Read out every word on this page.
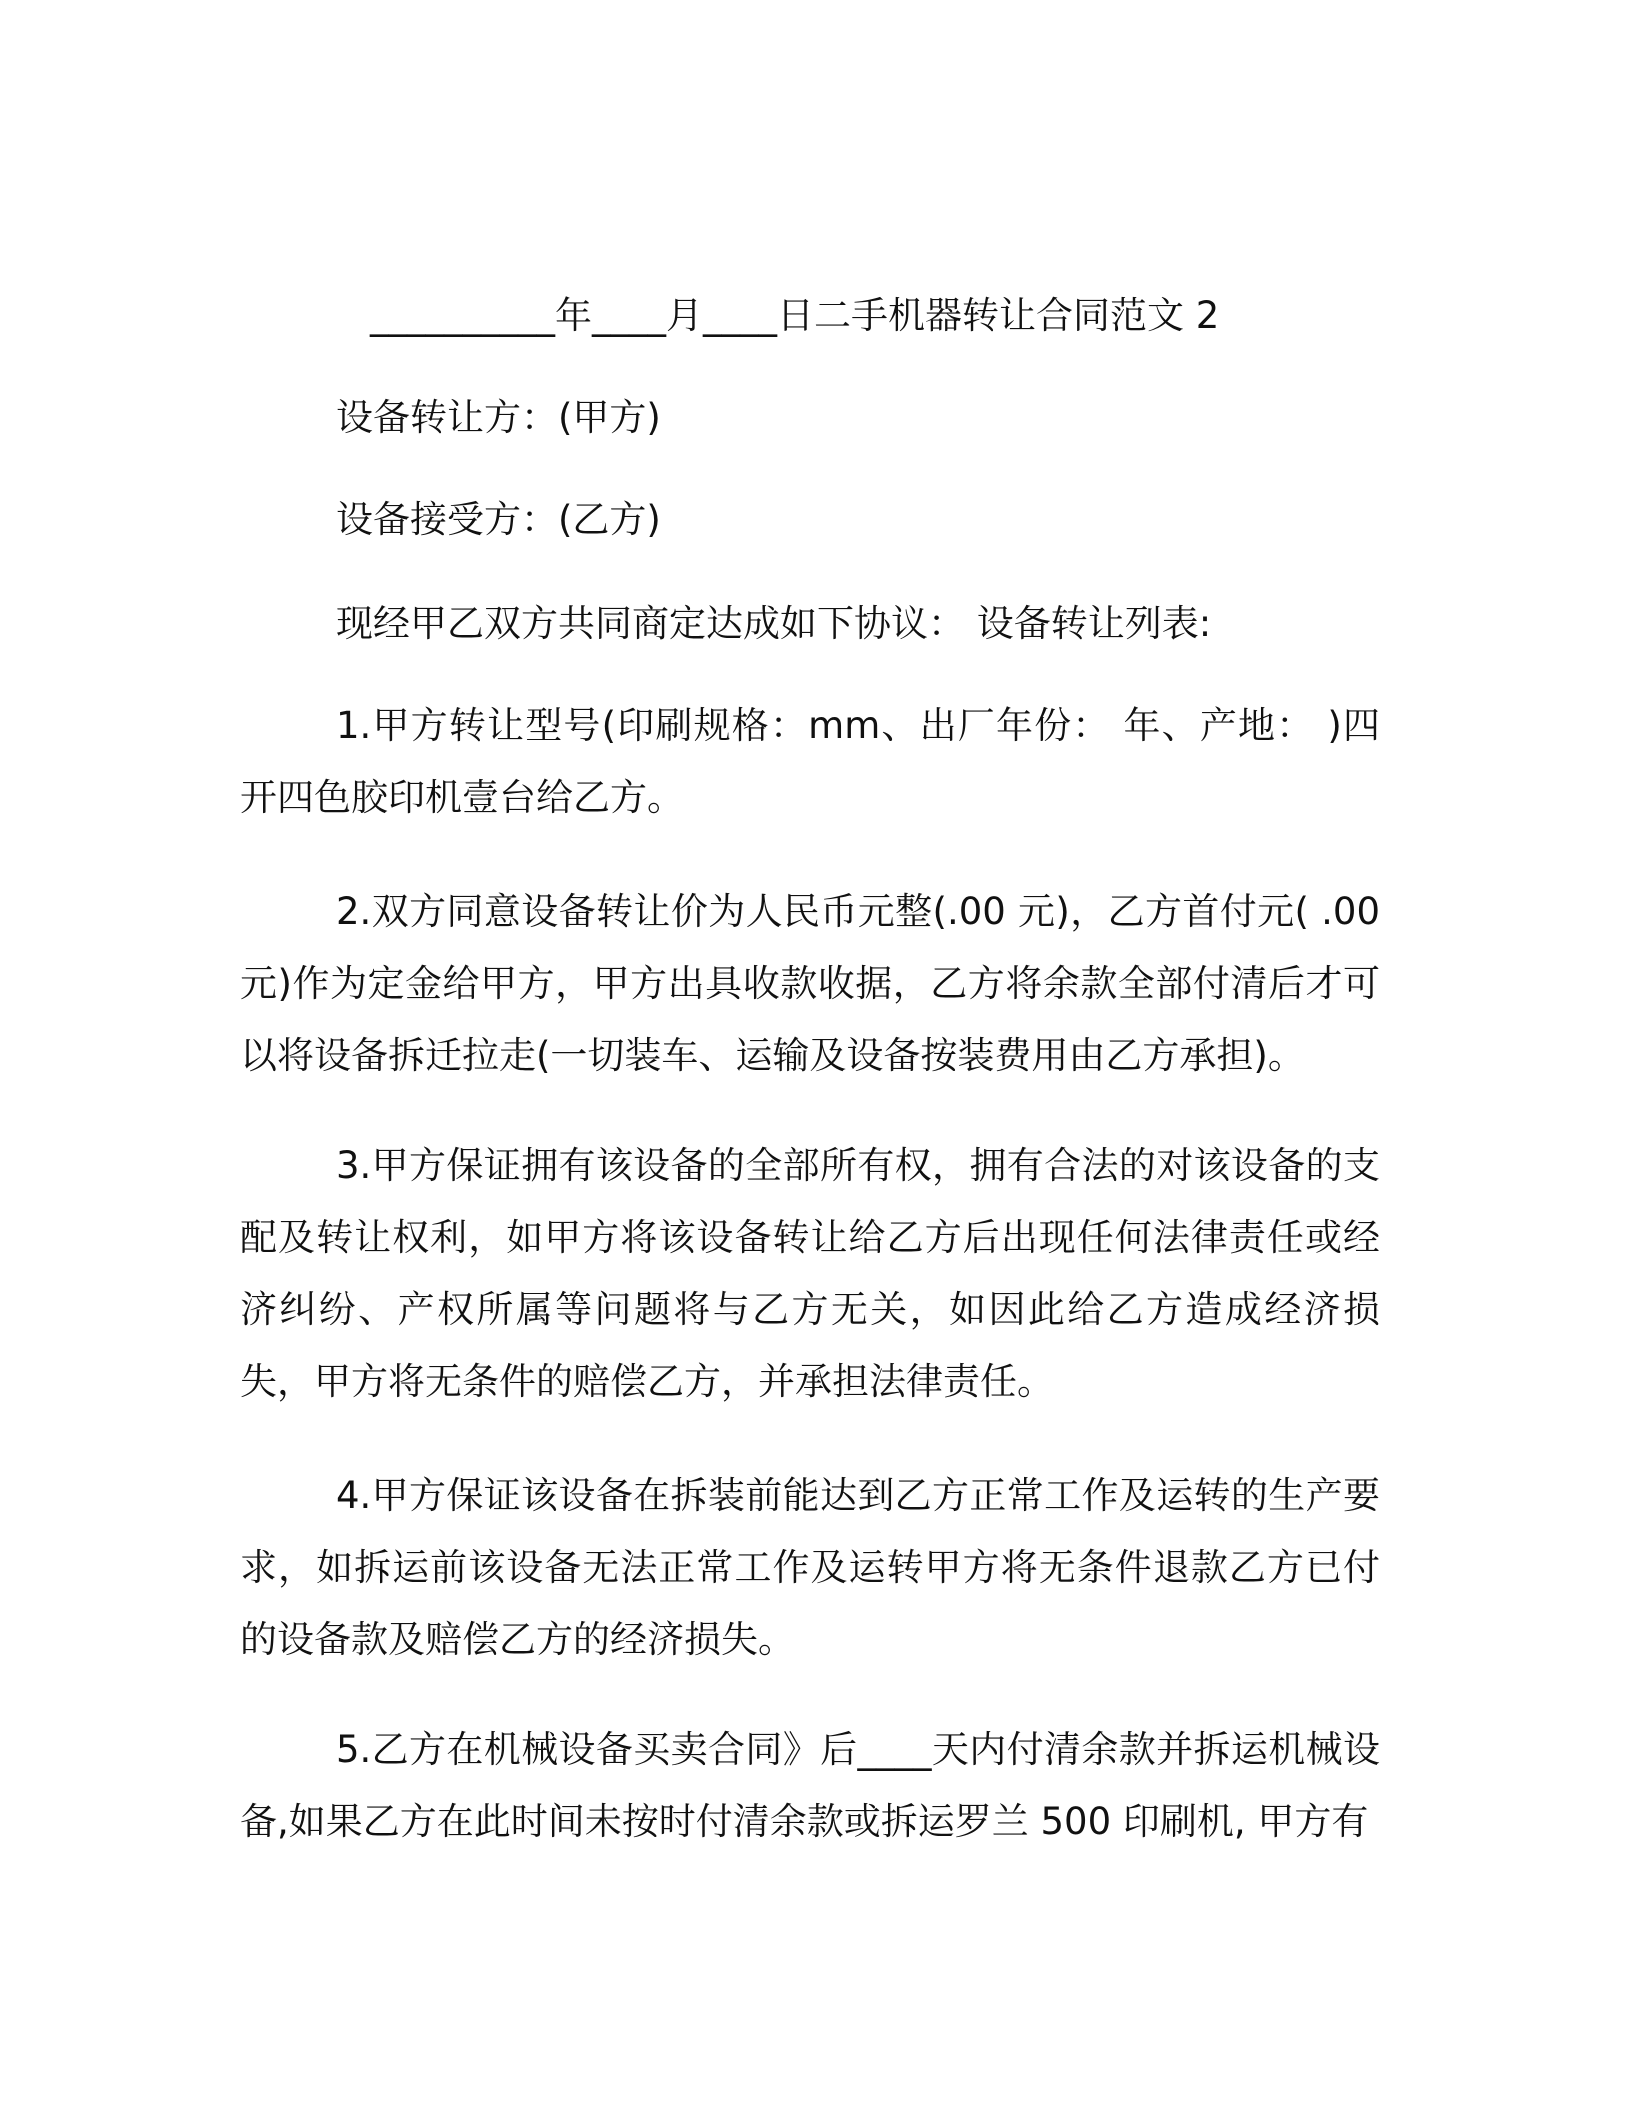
__________年____月____日二手机器转让合同范文 2
设备转让方：(甲方)
设备接受方：(乙方)
现经甲乙双方共同商定达成如下协议： 设备转让列表:
1.甲方转让型号(印刷规格：mm、出厂年份： 年、产地： )四开四色胶印机壹台给乙方。
2.双方同意设备转让价为人民币元整(.00 元)，乙方首付元( .00 元)作为定金给甲方，甲方出具收款收据，乙方将余款全部付清后才可以将设备拆迁拉走(一切装车、运输及设备按装费用由乙方承担)。
3.甲方保证拥有该设备的全部所有权，拥有合法的对该设备的支配及转让权利，如甲方将该设备转让给乙方后出现任何法律责任或经济纠纷、产权所属等问题将与乙方无关，如因此给乙方造成经济损失，甲方将无条件的赔偿乙方，并承担法律责任。
4.甲方保证该设备在拆装前能达到乙方正常工作及运转的生产要求，如拆运前该设备无法正常工作及运转甲方将无条件退款乙方已付的设备款及赔偿乙方的经济损失。
5.乙方在机械设备买卖合同》后____天内付清余款并拆运机械设备,如果乙方在此时间未按时付清余款或拆运罗兰 500 印刷机, 甲方有
